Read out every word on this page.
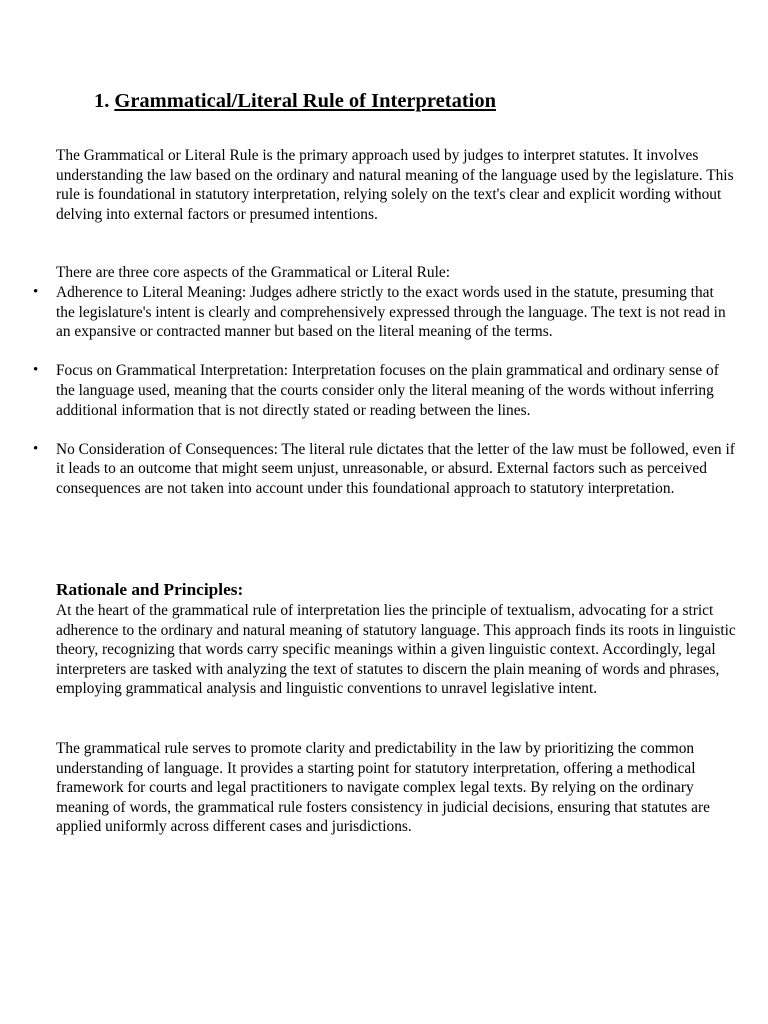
1. Grammatical/Literal Rule of Interpretation
The Grammatical or Literal Rule is the primary approach used by judges to interpret statutes. It involves understanding the law based on the ordinary and natural meaning of the language used by the legislature. This rule is foundational in statutory interpretation, relying solely on the text's clear and explicit wording without delving into external factors or presumed intentions.
There are three core aspects of the Grammatical or Literal Rule:
•	Adherence to Literal Meaning: Judges adhere strictly to the exact words used in the statute, presuming that the legislature's intent is clearly and comprehensively expressed through the language. The text is not read in an expansive or contracted manner but based on the literal meaning of the terms.
•	Focus on Grammatical Interpretation: Interpretation focuses on the plain grammatical and ordinary sense of the language used, meaning that the courts consider only the literal meaning of the words without inferring additional information that is not directly stated or reading between the lines.
•	No Consideration of Consequences: The literal rule dictates that the letter of the law must be followed, even if it leads to an outcome that might seem unjust, unreasonable, or absurd. External factors such as perceived consequences are not taken into account under this foundational approach to statutory interpretation.
Rationale and Principles:
At the heart of the grammatical rule of interpretation lies the principle of textualism, advocating for a strict adherence to the ordinary and natural meaning of statutory language. This approach finds its roots in linguistic theory, recognizing that words carry specific meanings within a given linguistic context. Accordingly, legal interpreters are tasked with analyzing the text of statutes to discern the plain meaning of words and phrases, employing grammatical analysis and linguistic conventions to unravel legislative intent.
The grammatical rule serves to promote clarity and predictability in the law by prioritizing the common understanding of language. It provides a starting point for statutory interpretation, offering a methodical framework for courts and legal practitioners to navigate complex legal texts. By relying on the ordinary meaning of words, the grammatical rule fosters consistency in judicial decisions, ensuring that statutes are applied uniformly across different cases and jurisdictions.
